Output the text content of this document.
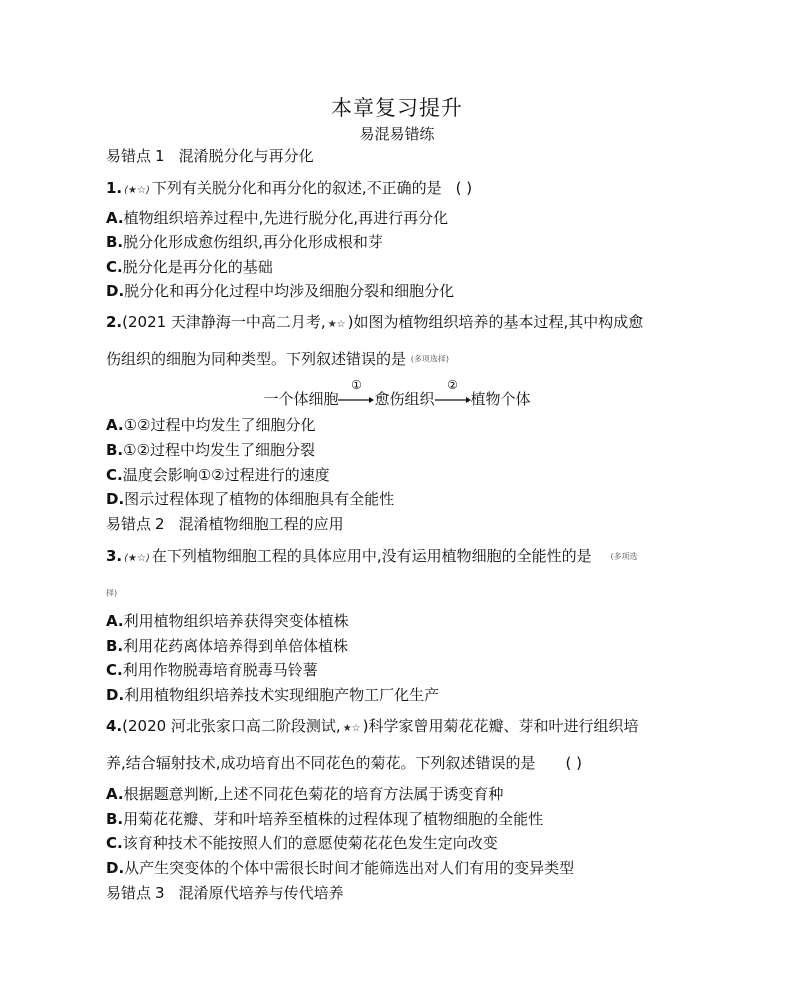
本章复习提升
易混易错练
易错点 1 混淆脱分化与再分化
1. (★☆) 下列有关脱分化和再分化的叙述,不正确的是 ( )
A.植物组织培养过程中,先进行脱分化,再进行再分化
B.脱分化形成愈伤组织,再分化形成根和芽
C.脱分化是再分化的基础
D.脱分化和再分化过程中均涉及细胞分裂和细胞分化
2.(2021 天津静海一中高二月考, ★☆ )如图为植物组织培养的基本过程,其中构成愈
伤组织的细胞为同种类型。下列叙述错误的是 (多项选择)
一个体细胞
①
愈伤组织
②
植物个体
A.①②过程中均发生了细胞分化
B.①②过程中均发生了细胞分裂
C.温度会影响①②过程进行的速度
D.图示过程体现了植物的体细胞具有全能性
易错点 2 混淆植物细胞工程的应用
3. (★☆) 在下列植物细胞工程的具体应用中,没有运用植物细胞的全能性的是 (多项选
择)
A.利用植物组织培养获得突变体植株
B.利用花药离体培养得到单倍体植株
C.利用作物脱毒培育脱毒马铃薯
D.利用植物组织培养技术实现细胞产物工厂化生产
4.(2020 河北张家口高二阶段测试, ★☆ )科学家曾用菊花花瓣、芽和叶进行组织培
养,结合辐射技术,成功培育出不同花色的菊花。下列叙述错误的是 ( )
A.根据题意判断,上述不同花色菊花的培育方法属于诱变育种
B.用菊花花瓣、芽和叶培养至植株的过程体现了植物细胞的全能性
C.该育种技术不能按照人们的意愿使菊花花色发生定向改变
D.从产生突变体的个体中需很长时间才能筛选出对人们有用的变异类型
易错点 3 混淆原代培养与传代培养
